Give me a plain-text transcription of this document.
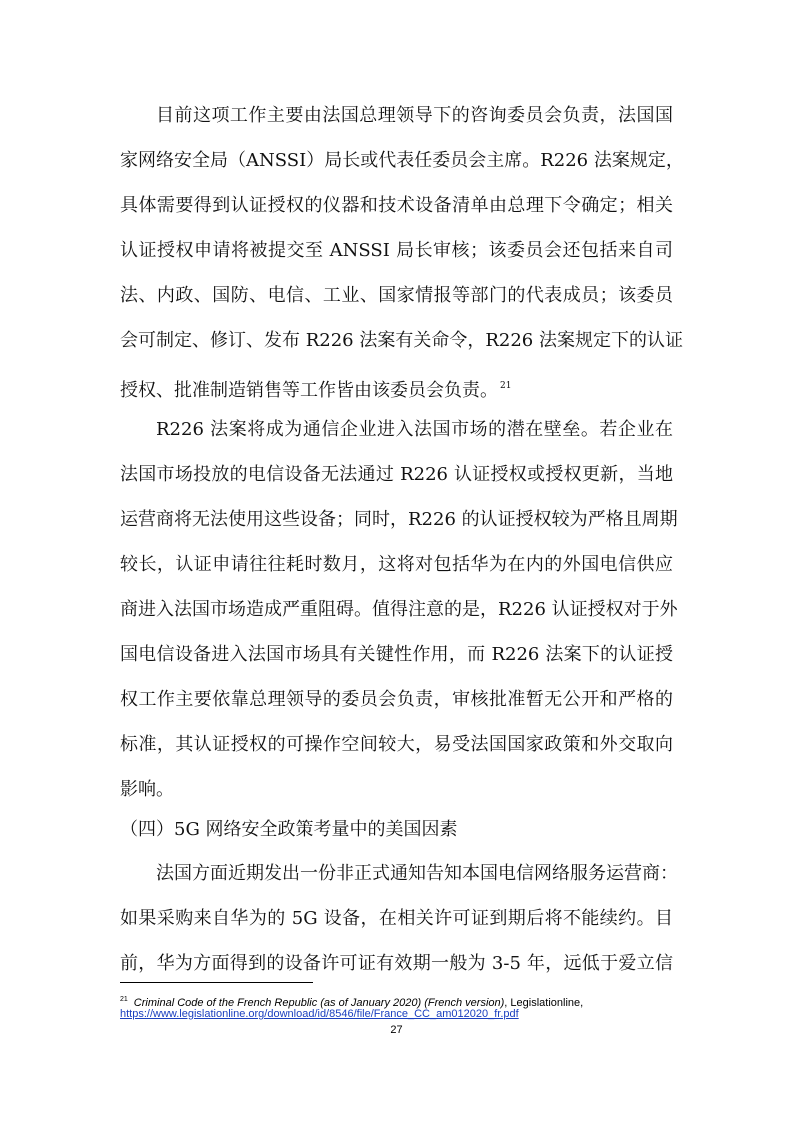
目前这项工作主要由法国总理领导下的咨询委员会负责，法国国
家网络安全局（ANSSI）局长或代表任委员会主席。R226 法案规定，
具体需要得到认证授权的仪器和技术设备清单由总理下令确定；相关
认证授权申请将被提交至 ANSSI 局长审核；该委员会还包括来自司
法、内政、国防、电信、工业、国家情报等部门的代表成员；该委员
会可制定、修订、发布 R226 法案有关命令，R226 法案规定下的认证
授权、批准制造销售等工作皆由该委员会负责。 $^{21}$
R226 法案将成为通信企业进入法国市场的潜在壁垒。若企业在
法国市场投放的电信设备无法通过 R226 认证授权或授权更新，当地
运营商将无法使用这些设备；同时，R226 的认证授权较为严格且周期
较长，认证申请往往耗时数月，这将对包括华为在内的外国电信供应
商进入法国市场造成严重阻碍。值得注意的是，R226 认证授权对于外
国电信设备进入法国市场具有关键性作用，而 R226 法案下的认证授
权工作主要依靠总理领导的委员会负责，审核批准暂无公开和严格的
标准，其认证授权的可操作空间较大，易受法国国家政策和外交取向
影响。
（四）5G 网络安全政策考量中的美国因素
法国方面近期发出一份非正式通知告知本国电信网络服务运营商：
如果采购来自华为的 5G 设备，在相关许可证到期后将不能续约。目
前，华为方面得到的设备许可证有效期一般为 3-5 年，远低于爱立信
$^{21}$ Criminal Code of the French Republic (as of January 2020) (French version), Legislationline,
https://www.legislationline.org/download/id/8546/file/France_CC_am012020_fr.pdf
27
